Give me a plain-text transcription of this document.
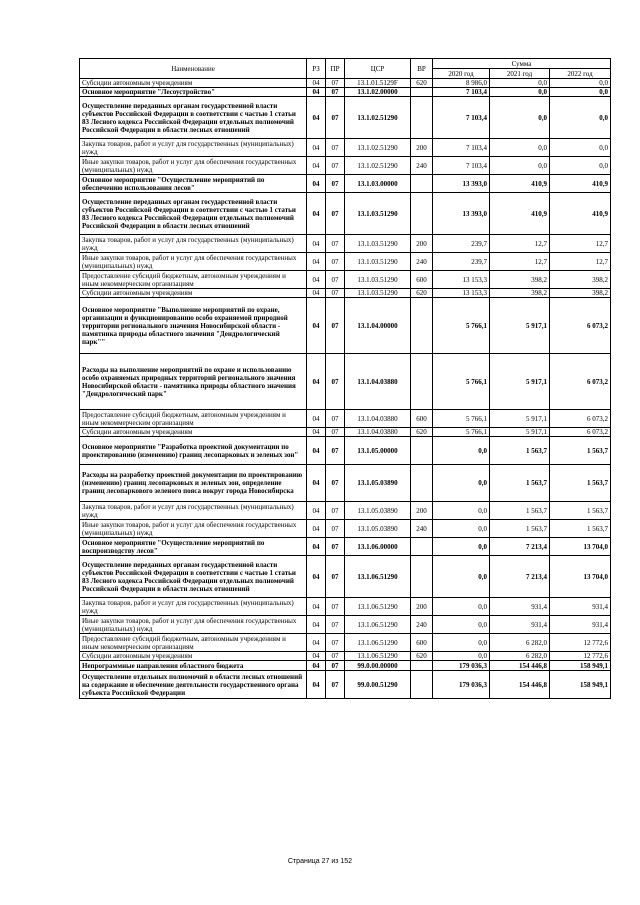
Наименование	РЗ	ПР	ЦСР	ВР	Сумма		
					2020 год	2021 год	2022 год
Субсидии автономным учреждениям	04	07	13.1.01.5129F	620	8 986,0	0,0	0,0
Основное мероприятие "Лесоустройство"	04	07	13.1.02.00000		7 103,4	0,0	0,0
Осуществление переданных органам государственной власти субъектов Российской Федерации в соответствии с частью 1 статьи 83 Лесного кодекса Российской Федерации отдельных полномочий Российской Федерации в области лесных отношений	04	07	13.1.02.51290		7 103,4	0,0	0,0
Закупка товаров, работ и услуг для государственных (муниципальных) нужд	04	07	13.1.02.51290	200	7 103,4	0,0	0,0
Иные закупки товаров, работ и услуг для обеспечения государственных (муниципальных) нужд	04	07	13.1.02.51290	240	7 103,4	0,0	0,0
Основное мероприятие "Осуществление мероприятий по обеспечению использования лесов"	04	07	13.1.03.00000		13 393,0	410,9	410,9
Осуществление переданных органам государственной власти субъектов Российской Федерации в соответствии с частью 1 статьи 83 Лесного кодекса Российской Федерации отдельных полномочий Российской Федерации в области лесных отношений	04	07	13.1.03.51290		13 393,0	410,9	410,9
Закупка товаров, работ и услуг для государственных (муниципальных) нужд	04	07	13.1.03.51290	200	239,7	12,7	12,7
Иные закупки товаров, работ и услуг для обеспечения государственных (муниципальных) нужд	04	07	13.1.03.51290	240	239,7	12,7	12,7
Предоставление субсидий бюджетным, автономным учреждениям и иным некоммерческим организациям	04	07	13.1.03.51290	600	13 153,3	398,2	398,2
Субсидии автономным учреждениям	04	07	13.1.03.51290	620	13 153,3	398,2	398,2
Основное мероприятие "Выполнение мероприятий по охране, организации и функционированию особо охраняемой природной территории регионального значения Новосибирской области - памятника природы областного значения "Дендрологический парк""	04	07	13.1.04.00000		5 766,1	5 917,1	6 073,2
Расходы на выполнение мероприятий по охране и использованию особо охраняемых природных территорий регионального значения Новосибирской области - памятника природы областного значения "Дендрологический парк"	04	07	13.1.04.03880		5 766,1	5 917,1	6 073,2
Предоставление субсидий бюджетным, автономным учреждениям и иным некоммерческим организациям	04	07	13.1.04.03880	600	5 766,1	5 917,1	6 073,2
Субсидии автономным учреждениям	04	07	13.1.04.03880	620	5 766,1	5 917,1	6 073,2
Основное мероприятие "Разработка проектной документации по проектированию (изменению) границ лесопарковых и зеленых зон"	04	07	13.1.05.00000		0,0	1 563,7	1 563,7
Расходы на разработку проектной документации по проектированию (изменению) границ лесопарковых и зеленых зон, определение границ лесопаркового зеленого пояса вокруг города Новосибирска	04	07	13.1.05.03890		0,0	1 563,7	1 563,7
Закупка товаров, работ и услуг для государственных (муниципальных) нужд	04	07	13.1.05.03890	200	0,0	1 563,7	1 563,7
Иные закупки товаров, работ и услуг для обеспечения государственных (муниципальных) нужд	04	07	13.1.05.03890	240	0,0	1 563,7	1 563,7
Основное мероприятие "Осуществление мероприятий по воспроизводству лесов"	04	07	13.1.06.00000		0,0	7 213,4	13 704,0
Осуществление переданных органам государственной власти субъектов Российской Федерации в соответствии с частью 1 статьи 83 Лесного кодекса Российской Федерации отдельных полномочий Российской Федерации в области лесных отношений	04	07	13.1.06.51290		0,0	7 213,4	13 704,0
Закупка товаров, работ и услуг для государственных (муниципальных) нужд	04	07	13.1.06.51290	200	0,0	931,4	931,4
Иные закупки товаров, работ и услуг для обеспечения государственных (муниципальных) нужд	04	07	13.1.06.51290	240	0,0	931,4	931,4
Предоставление субсидий бюджетным, автономным учреждениям и иным некоммерческим организациям	04	07	13.1.06.51290	600	0,0	6 282,0	12 772,6
Субсидии автономным учреждениям	04	07	13.1.06.51290	620	0,0	6 282,0	12 772,6
Непрограммные направления областного бюджета	04	07	99.0.00.00000		179 036,3	154 446,8	158 949,1
Осуществление отдельных полномочий в области лесных отношений на содержание и обеспечение деятельности государственного органа субъекта Российской Федерации	04	07	99.0.00.51290		179 036,3	154 446,8	158 949,1
Страница 27 из 152
